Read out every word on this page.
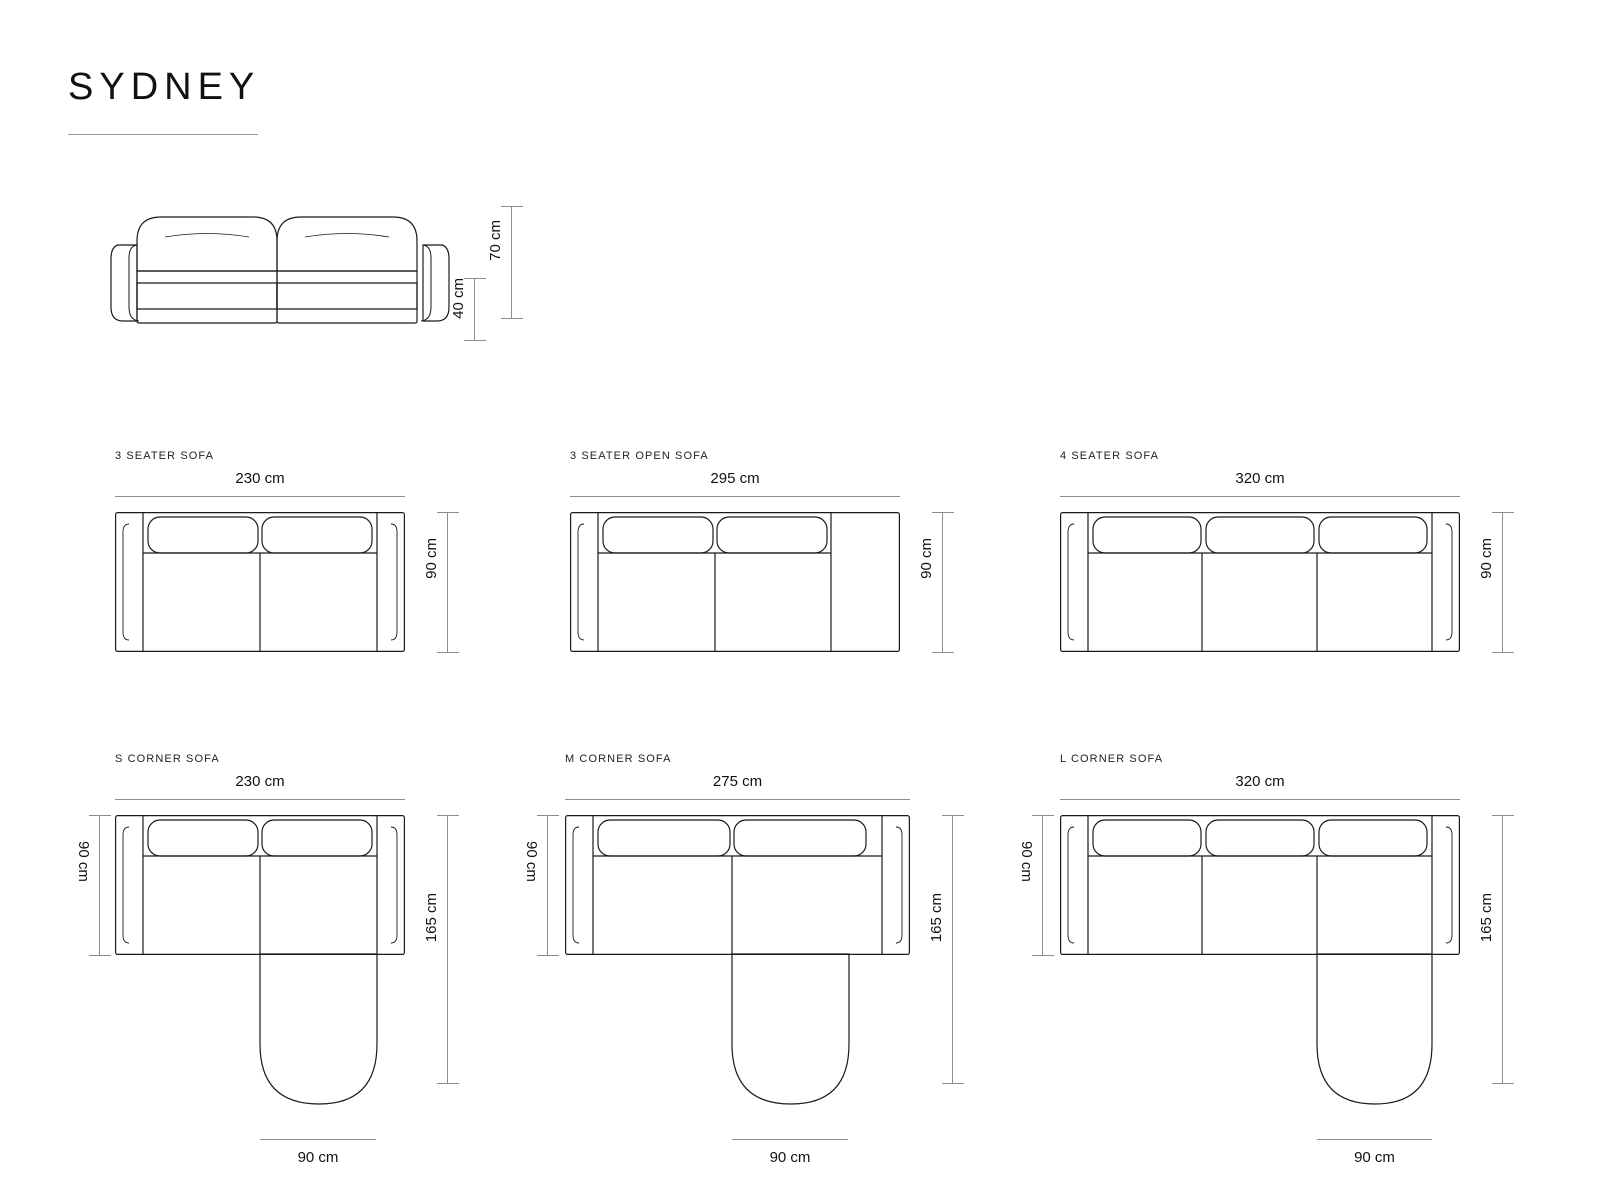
SYDNEY
70 cm
40 cm
3 SEATER SOFA
230 cm
90 cm
3 SEATER OPEN SOFA
295 cm
90 cm
4 SEATER SOFA
320 cm
90 cm
S CORNER SOFA
230 cm
90 cm
165 cm
90 cm
M CORNER SOFA
275 cm
90 cm
165 cm
90 cm
L CORNER SOFA
320 cm
90 cm
165 cm
90 cm
